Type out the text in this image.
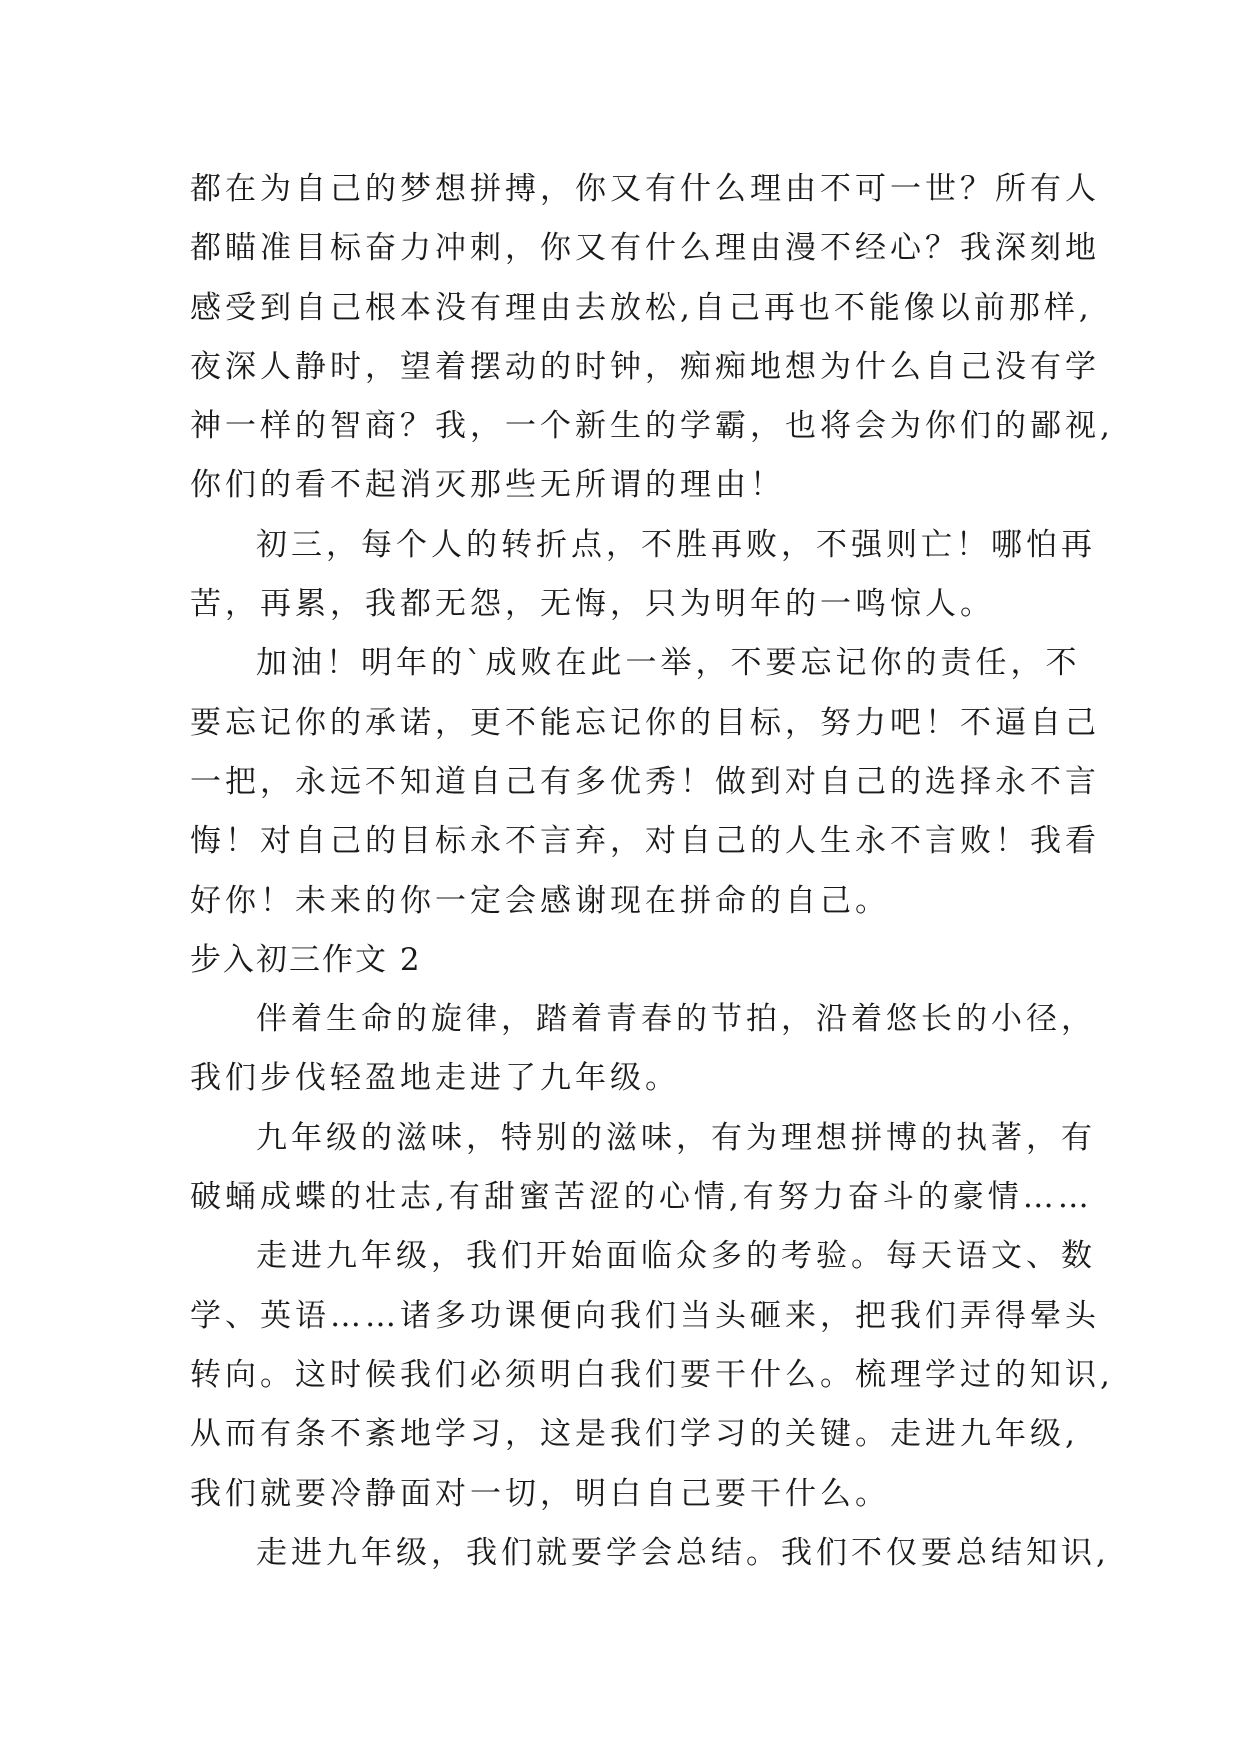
都在为自己的梦想拼搏，你又有什么理由不可一世？所有人
都瞄准目标奋力冲刺，你又有什么理由漫不经心？我深刻地
感受到自己根本没有理由去放松,自己再也不能像以前那样,
夜深人静时，望着摆动的时钟，痴痴地想为什么自己没有学
神一样的智商？我，一个新生的学霸，也将会为你们的鄙视,
你们的看不起消灭那些无所谓的理由！
初三，每个人的转折点，不胜再败，不强则亡！哪怕再
苦，再累，我都无怨，无悔，只为明年的一鸣惊人。
加油！明年的`成败在此一举，不要忘记你的责任，不
要忘记你的承诺，更不能忘记你的目标，努力吧！不逼自己
一把，永远不知道自己有多优秀！做到对自己的选择永不言
悔！对自己的目标永不言弃，对自己的人生永不言败！我看
好你！未来的你一定会感谢现在拼命的自己。
步入初三作文 2
伴着生命的旋律，踏着青春的节拍，沿着悠长的小径，
我们步伐轻盈地走进了九年级。
九年级的滋味，特别的滋味，有为理想拼博的执著，有
破蛹成蝶的壮志,有甜蜜苦涩的心情,有努力奋斗的豪情……
走进九年级，我们开始面临众多的考验。每天语文、数
学、英语……诸多功课便向我们当头砸来，把我们弄得晕头
转向。这时候我们必须明白我们要干什么。梳理学过的知识,
从而有条不紊地学习，这是我们学习的关键。走进九年级,
我们就要冷静面对一切，明白自己要干什么。
走进九年级，我们就要学会总结。我们不仅要总结知识,
